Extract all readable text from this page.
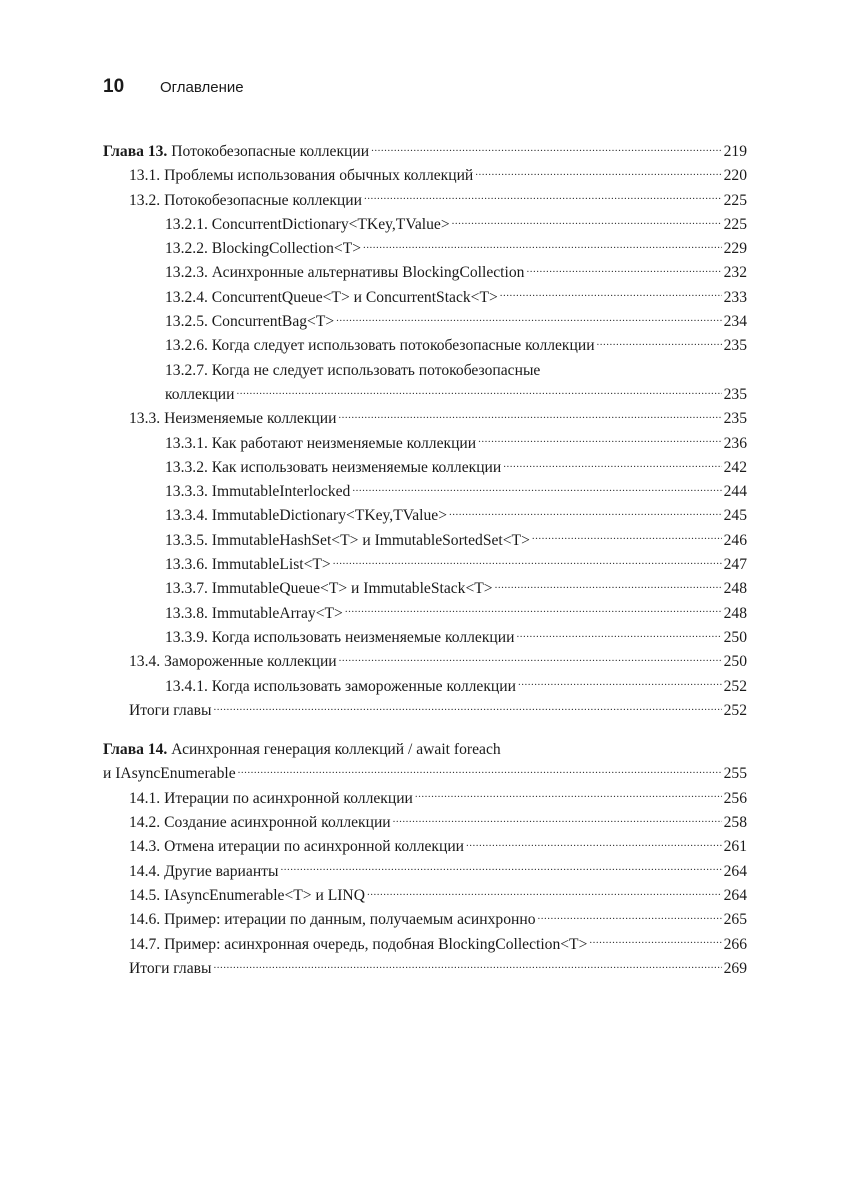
10	Оглавление
Глава 13. Потокобезопасные коллекции .....	219
13.1. Проблемы использования обычных коллекций .....	220
13.2. Потокобезопасные коллекции .....	225
13.2.1. ConcurrentDictionary<TKey,TValue> .....	225
13.2.2. BlockingCollection<T> .....	229
13.2.3. Асинхронные альтернативы BlockingCollection .....	232
13.2.4. ConcurrentQueue<T> и ConcurrentStack<T> .....	233
13.2.5. ConcurrentBag<T> .....	234
13.2.6. Когда следует использовать потокобезопасные коллекции .....	235
13.2.7. Когда не следует использовать потокобезопасные
коллекции .....	235
13.3. Неизменяемые коллекции .....	235
13.3.1. Как работают неизменяемые коллекции .....	236
13.3.2. Как использовать неизменяемые коллекции .....	242
13.3.3. ImmutableInterlocked .....	244
13.3.4. ImmutableDictionary<TKey,TValue> .....	245
13.3.5. ImmutableHashSet<T> и ImmutableSortedSet<T> .....	246
13.3.6. ImmutableList<T> .....	247
13.3.7. ImmutableQueue<T> и ImmutableStack<T> .....	248
13.3.8. ImmutableArray<T> .....	248
13.3.9. Когда использовать неизменяемые коллекции .....	250
13.4. Замороженные коллекции .....	250
13.4.1. Когда использовать замороженные коллекции .....	252
Итоги главы .....	252
Глава 14. Асинхронная генерация коллекций / await foreach
и IAsyncEnumerable .....	255
14.1. Итерации по асинхронной коллекции .....	256
14.2. Создание асинхронной коллекции .....	258
14.3. Отмена итерации по асинхронной коллекции .....	261
14.4. Другие варианты .....	264
14.5. IAsyncEnumerable<T> и LINQ .....	264
14.6. Пример: итерации по данным, получаемым асинхронно .....	265
14.7. Пример: асинхронная очередь, подобная BlockingCollection<T> .....	266
Итоги главы .....	269
